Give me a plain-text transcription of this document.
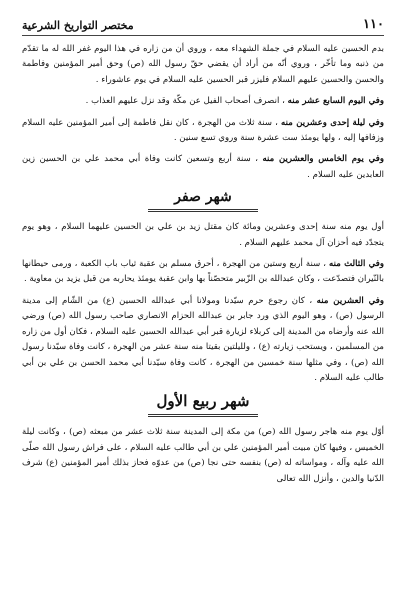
١١٠
مختصر التواريخ الشرعية

بدم الحسين عليه السلام في جملة الشهداء معه ، وروي أن من زاره في هذا اليوم غفر الله له ما تقدّم من ذنبه وما تأخّر ، وروي أنّه من أراد أن يقضي حقّ رسول الله (ص) وحق أمير المؤمنين وفاطمة والحسن والحسين عليهم السلام فليزر قبر الحسين عليه السلام في يوم عاشوراء .

وفي اليوم السابع عشر منه ، انصرف أصحاب الفيل عن مكّة وقد نزل عليهم العذاب .

وفي ليلة إحدى وعشرين منه ، سنة ثلاث من الهجرة ، كان نقل فاطمة إلى أمير المؤمنين عليه السلام وزفافها إليه ، ولها يومئذ ست عشرة سنة وروي تسع سنين .

وفي يوم الخامس والعشرين منه ، سنة أربع وتسعين كانت وفاة أبي محمد علي بن الحسين زين العابدين عليه السلام .

شهر صفر

أول يوم منه سنة إحدى وعشرين ومائة كان مقتل زيد بن علي بن الحسين عليهما السلام ، وهو يوم يتجدّد فيه أحزان آل محمد عليهم السلام .

وفي الثالث منه ، سنة أربع وستين من الهجرة ، أحرق مسلم بن عقبة ثياب باب الكعبة ، ورمى حيطانها بالنّيران فتصدّعت ، وكان عبدالله بن الزّبير متحصّناً بها وابن عقبة يومئذ يحاربه من قبل يزيد بن معاوية .

وفي العشرين منه ، كان رجوع حرم سيّدنا ومولانا أبي عبدالله الحسين (ع) من الشّام إلى مدينة الرسول (ص) ، وهو اليوم الذي ورد جابر بن عبدالله الحزام الانصاري صاحب رسول الله (ص) ورضي الله عنه وأرضاه من المدينة إلى كربلاء لزيارة قبر أبي عبدالله الحسين عليه السلام ، فكان أول من زاره من المسلمين ، ويستحب زيارته (ع) ، ولليلتين بقيتا منه سنة عشر من الهجرة ، كانت وفاة سيّدنا رسول الله (ص) ، وفي مثلها سنة خمسين من الهجرة ، كانت وفاة سيّدنا أبي محمد الحسن بن علي بن أبي طالب عليه السلام .

شهر ربيع الأول

أوّل يوم منه هاجر رسول الله (ص) من مكة إلى المدينة سنة ثلاث عشر من مبعثه (ص) ، وكانت ليلة الخميس ، وفيها كان مبيت أمير المؤمنين علي بن أبي طالب عليه السلام ، على فراش رسول الله صلّى الله عليه وآله ، ومواساته له (ص) بنفسه حتى نجا (ص) من عدوّه فحاز بذلك أمير المؤمنين (ع) شرف الدّنيا والدين ، وأنزل الله تعالى
